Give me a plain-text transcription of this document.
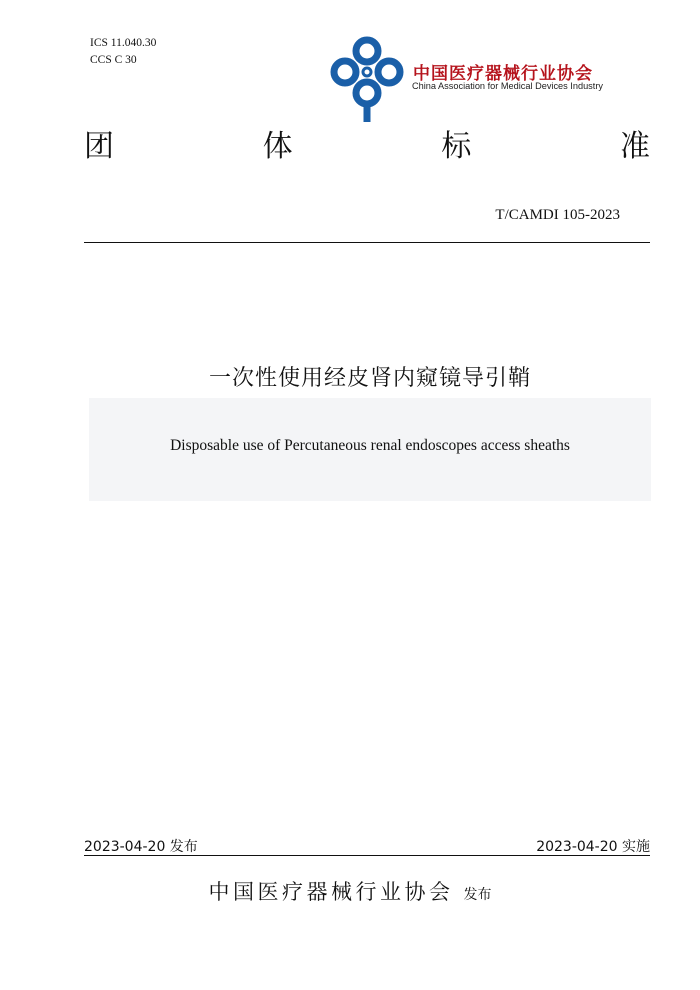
ICS 11.040.30
CCS C 30
中国医疗器械行业协会
China Association for Medical Devices Industry
团	体	标	准
T/CAMDI 105-2023
一次性使用经皮肾内窥镜导引鞘
Disposable use of Percutaneous renal endoscopes access sheaths
2023-04-20 发布	2023-04-20 实施
中国医疗器械行业协会 发布
